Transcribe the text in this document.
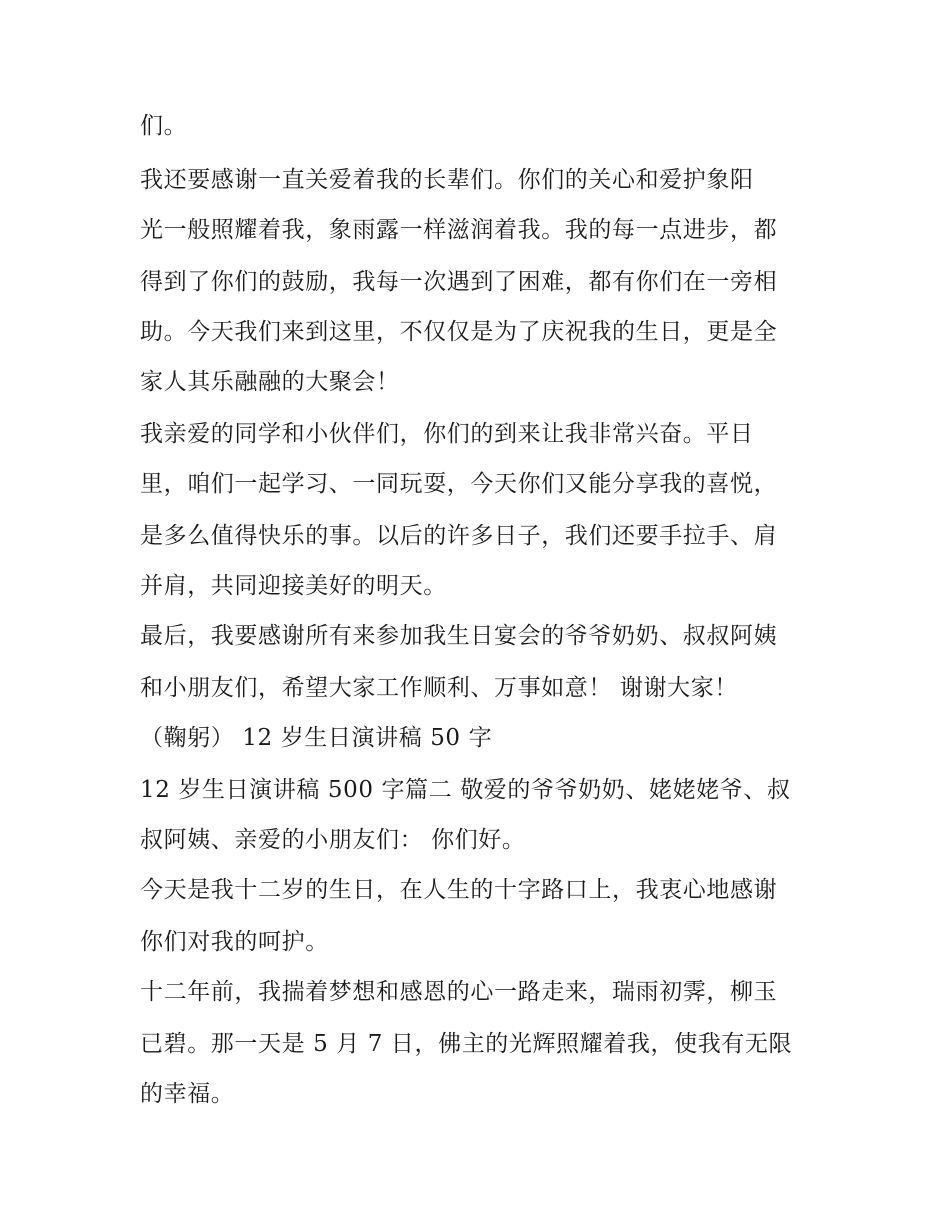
们。
我还要感谢一直关爱着我的长辈们。你们的关心和爱护象阳
光一般照耀着我，象雨露一样滋润着我。我的每一点进步，都
得到了你们的鼓励，我每一次遇到了困难，都有你们在一旁相
助。今天我们来到这里，不仅仅是为了庆祝我的生日，更是全
家人其乐融融的大聚会！
我亲爱的同学和小伙伴们，你们的到来让我非常兴奋。平日
里，咱们一起学习、一同玩耍，今天你们又能分享我的喜悦，
是多么值得快乐的事。以后的许多日子，我们还要手拉手、肩
并肩，共同迎接美好的明天。
最后，我要感谢所有来参加我生日宴会的爷爷奶奶、叔叔阿姨
和小朋友们，希望大家工作顺利、万事如意！ 谢谢大家！
（鞠躬） 12 岁生日演讲稿 50 字
12 岁生日演讲稿 500 字篇二 敬爱的爷爷奶奶、姥姥姥爷、叔
叔阿姨、亲爱的小朋友们： 你们好。
今天是我十二岁的生日，在人生的十字路口上，我衷心地感谢
你们对我的呵护。
十二年前，我揣着梦想和感恩的心一路走来，瑞雨初霁，柳玉
已碧。那一天是 5 月 7 日，佛主的光辉照耀着我，使我有无限
的幸福。
